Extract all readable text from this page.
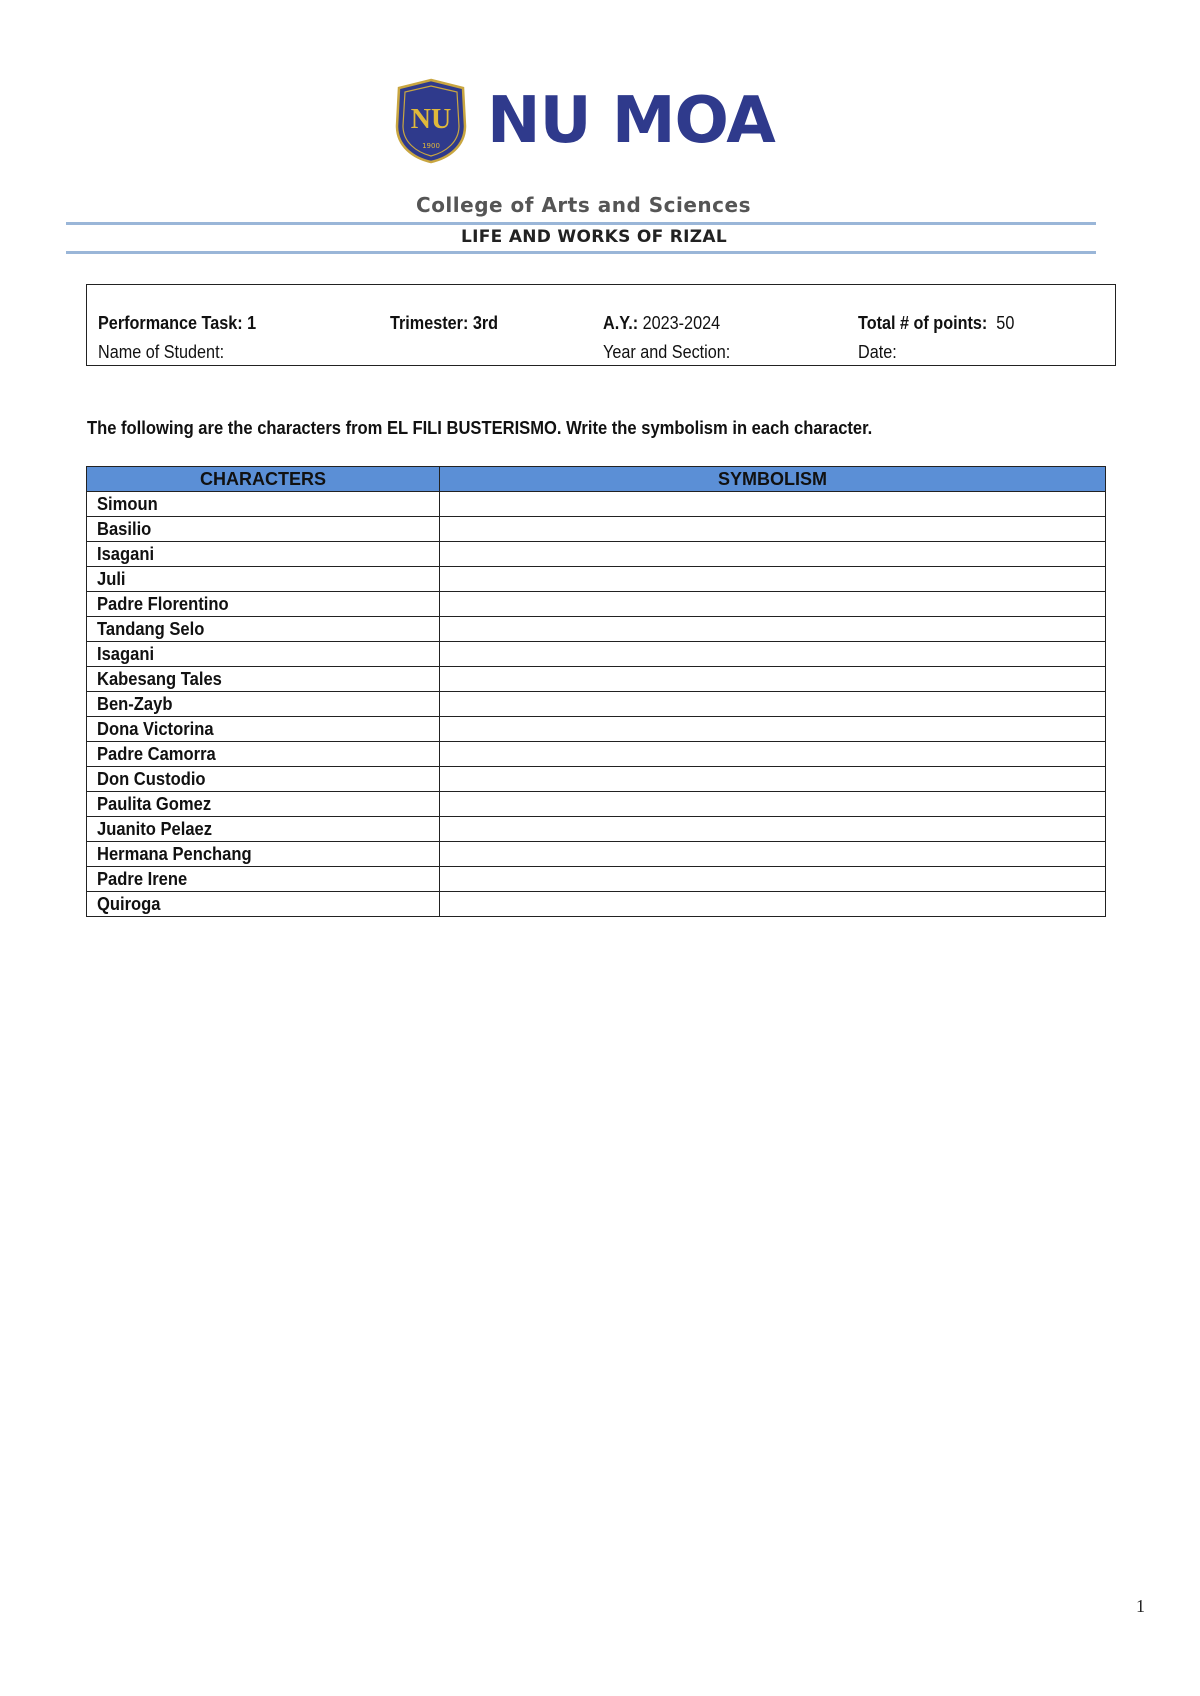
NU
1900 NU MOA
College of Arts and Sciences
LIFE AND WORKS OF RIZAL
Performance Task: 1	Trimester: 3rd	A.Y.: 2023-2024	Total # of points: 50
Name of Student:	Year and Section:	Date:
The following are the characters from EL FILI BUSTERISMO. Write the symbolism in each character.
CHARACTERS	SYMBOLISM
Simoun	
Basilio	
Isagani	
Juli	
Padre Florentino	
Tandang Selo	
Isagani	
Kabesang Tales	
Ben-Zayb	
Dona Victorina	
Padre Camorra	
Don Custodio	
Paulita Gomez	
Juanito Pelaez	
Hermana Penchang	
Padre Irene	
Quiroga	
1
